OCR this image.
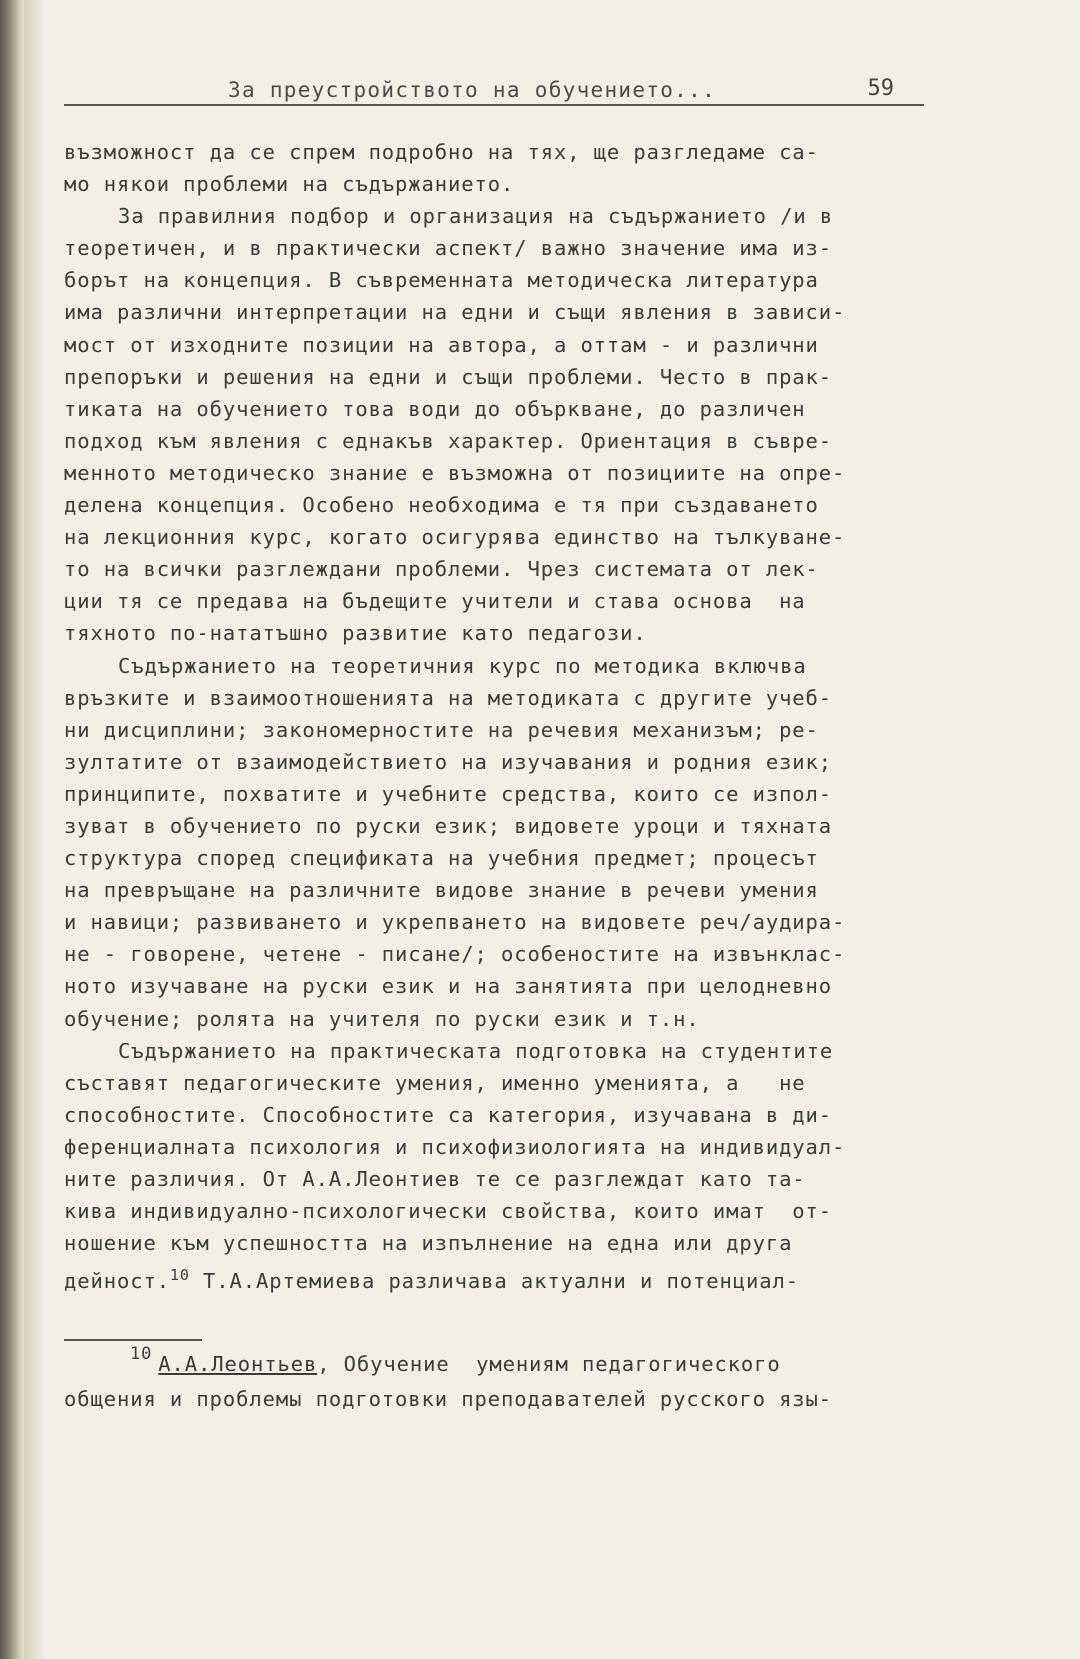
За преустройството на обучението...	59
възможност да се спрем подробно на тях, ще разгледаме са-
мо някои проблеми на съдържанието.
За правилния подбор и организация на съдържанието /и в
теоретичен, и в практически аспект/ важно значение има из-
борът на концепция. В съвременната методическа литература
има различни интерпретации на едни и същи явления в зависи-
мост от изходните позиции на автора, а оттам - и различни
препоръки и решения на едни и същи проблеми. Често в прак-
тиката на обучението това води до объркване, до различен
подход към явления с еднакъв характер. Ориентация в съвре-
менното методическо знание е възможна от позициите на опре-
делена концепция. Особено необходима е тя при създаването
на лекционния курс, когато осигурява единство на тълкуване-
то на всички разглеждани проблеми. Чрез системата от лек-
ции тя се предава на бъдещите учители и става основа  на
тяхното по-нататъшно развитие като педагози.
Съдържанието на теоретичния курс по методика включва
връзките и взаимоотношенията на методиката с другите учеб-
ни дисциплини; закономерностите на речевия механизъм; ре-
зултатите от взаимодействието на изучавания и родния език;
принципите, похватите и учебните средства, които се изпол-
зуват в обучението по руски език; видовете уроци и тяхната
структура според спецификата на учебния предмет; процесът
на превръщане на различните видове знание в речеви умения
и навици; развиването и укрепването на видовете реч/аудира-
не - говорене, четене - писане/; особеностите на извънклас-
ното изучаване на руски език и на занятията при целодневно
обучение; ролята на учителя по руски език и т.н.
Съдържанието на практическата подготовка на студентите
съставят педагогическите умения, именно уменията, а   не
способностите. Способностите са категория, изучавана в ди-
ференциалната психология и психофизиологията на индивидуал-
ните различия. От А.А.Леонтиев те се разглеждат като та-
кива индивидуално-психологически свойства, които имат  от-
ношение към успешността на изпълнение на една или друга
дейност.$^{10}$ Т.А.Артемиева различава актуални и потенциал-
$^{10}$ А.А.Леонтьев, Обучение  умениям педагогического
общения и проблемы подготовки преподавателей русского язы-
